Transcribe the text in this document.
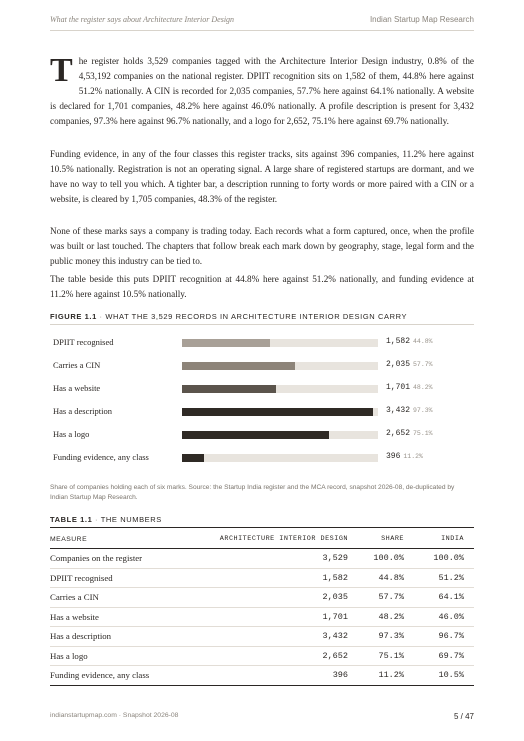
What the register says about Architecture Interior Design	Indian Startup Map Research
The register holds 3,529 companies tagged with the Architecture Interior Design industry, 0.8% of the 4,53,192 companies on the national register. DPIIT recognition sits on 1,582 of them, 44.8% here against 51.2% nationally. A CIN is recorded for 2,035 companies, 57.7% here against 64.1% nationally. A website is declared for 1,701 companies, 48.2% here against 46.0% nationally. A profile description is present for 3,432 companies, 97.3% here against 96.7% nationally, and a logo for 2,652, 75.1% here against 69.7% nationally.
Funding evidence, in any of the four classes this register tracks, sits against 396 companies, 11.2% here against 10.5% nationally. Registration is not an operating signal. A large share of registered startups are dormant, and we have no way to tell you which. A tighter bar, a description running to forty words or more paired with a CIN or a website, is cleared by 1,705 companies, 48.3% of the register.
None of these marks says a company is trading today. Each records what a form captured, once, when the profile was built or last touched. The chapters that follow break each mark down by geography, stage, legal form and the public money this industry can be tied to.
The table beside this puts DPIIT recognition at 44.8% here against 51.2% nationally, and funding evidence at 11.2% here against 10.5% nationally.
FIGURE 1.1 · WHAT THE 3,529 RECORDS IN ARCHITECTURE INTERIOR DESIGN CARRY
DPIIT recognised	1,582 44.8%
Carries a CIN	2,035 57.7%
Has a website	1,701 48.2%
Has a description	3,432 97.3%
Has a logo	2,652 75.1%
Funding evidence, any class	396 11.2%
Share of companies holding each of six marks. Source: the Startup India register and the MCA record, snapshot 2026-08, de-duplicated by Indian Startup Map Research.
TABLE 1.1 · THE NUMBERS
MEASURE	ARCHITECTURE INTERIOR DESIGN	SHARE	INDIA
Companies on the register	3,529	100.0%	100.0%
DPIIT recognised	1,582	44.8%	51.2%
Carries a CIN	2,035	57.7%	64.1%
Has a website	1,701	48.2%	46.0%
Has a description	3,432	97.3%	96.7%
Has a logo	2,652	75.1%	69.7%
Funding evidence, any class	396	11.2%	10.5%
indianstartupmap.com · Snapshot 2026-08	5 / 47
